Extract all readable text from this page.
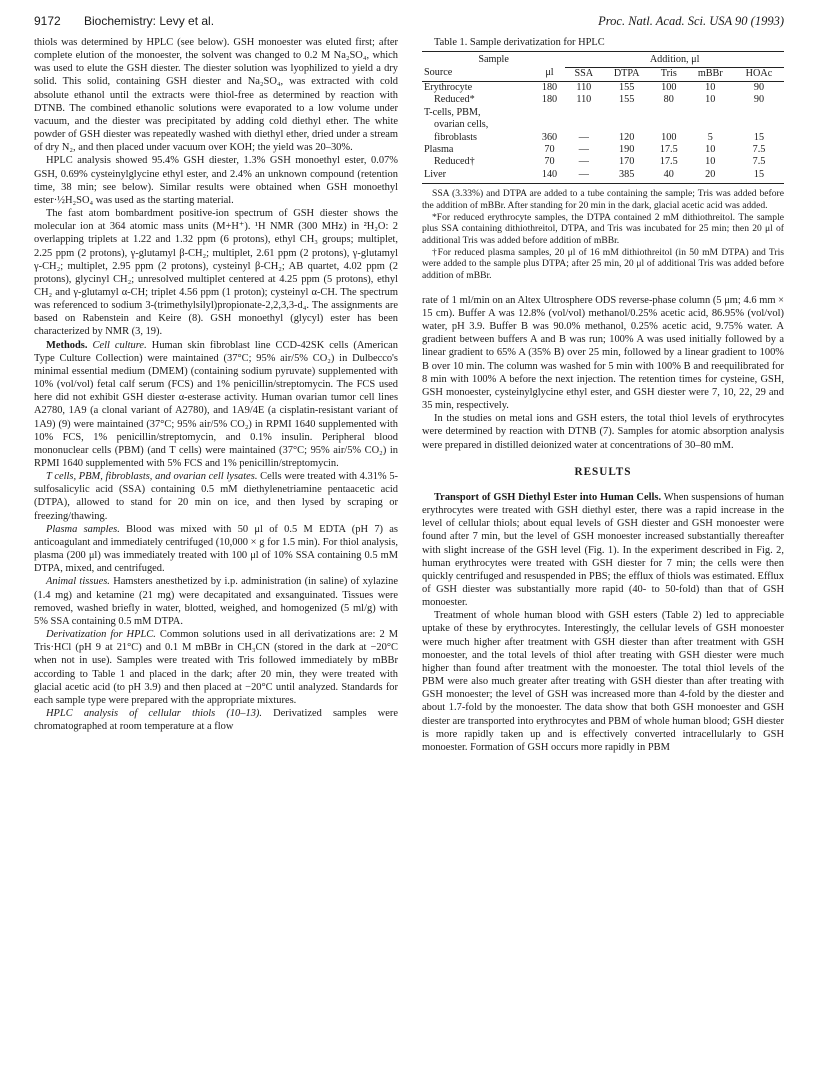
9172 Biochemistry: Levy et al.	Proc. Natl. Acad. Sci. USA 90 (1993)

thiols was determined by HPLC (see below). GSH monoester was eluted first; after complete elution of the monoester, the solvent was changed to 0.2 M Na₂SO₄, which was used to elute the GSH diester. The diester solution was lyophilized to yield a dry solid. This solid, containing GSH diester and Na₂SO₄, was extracted with cold absolute ethanol until the extracts were thiol-free as determined by reaction with DTNB. The combined ethanolic solutions were evaporated to a low volume under vacuum, and the diester was precipitated by adding cold diethyl ether. The white powder of GSH diester was repeatedly washed with diethyl ether, dried under a stream of dry N₂, and then placed under vacuum over KOH; the yield was 20–30%.

HPLC analysis showed 95.4% GSH diester, 1.3% GSH monoethyl ester, 0.07% GSH, 0.69% cysteinylglycine ethyl ester, and 2.4% an unknown compound (retention time, 38 min; see below). Similar results were obtained when GSH monoethyl ester·½H₂SO₄ was used as the starting material.

The fast atom bombardment positive-ion spectrum of GSH diester shows the molecular ion at 364 atomic mass units (M+H⁺). ¹H NMR (300 MHz) in ²H₂O: 2 overlapping triplets at 1.22 and 1.32 ppm (6 protons), ethyl CH₃ groups; multiplet, 2.25 ppm (2 protons), γ-glutamyl β-CH₂; multiplet, 2.61 ppm (2 protons), γ-glutamyl γ-CH₂; multiplet, 2.95 ppm (2 protons), cysteinyl β-CH₂; AB quartet, 4.02 ppm (2 protons), glycinyl CH₂; unresolved multiplet centered at 4.25 ppm (5 protons), ethyl CH₂ and γ-glutamyl α-CH; triplet 4.56 ppm (1 proton); cysteinyl α-CH. The spectrum was referenced to sodium 3-(trimethylsilyl)propionate-2,2,3,3-d₄. The assignments are based on Rabenstein and Keire (8). GSH monoethyl (glycyl) ester has been characterized by NMR (3, 19).

Methods. Cell culture. Human skin fibroblast line CCD-42SK cells (American Type Culture Collection) were maintained (37°C; 95% air/5% CO₂) in Dulbecco's minimal essential medium (DMEM) (containing sodium pyruvate) supplemented with 10% (vol/vol) fetal calf serum (FCS) and 1% penicillin/streptomycin. The FCS used here did not exhibit GSH diester α-esterase activity. Human ovarian tumor cell lines A2780, 1A9 (a clonal variant of A2780), and 1A9/4E (a cisplatin-resistant variant of 1A9) (9) were maintained (37°C; 95% air/5% CO₂) in RPMI 1640 supplemented with 10% FCS, 1% penicillin/streptomycin, and 0.1% insulin. Peripheral blood mononuclear cells (PBM) (and T cells) were maintained (37°C; 95% air/5% CO₂) in RPMI 1640 supplemented with 5% FCS and 1% penicillin/streptomycin.

T cells, PBM, fibroblasts, and ovarian cell lysates. Cells were treated with 4.31% 5-sulfosalicylic acid (SSA) containing 0.5 mM diethylenetriamine pentaacetic acid (DTPA), allowed to stand for 20 min on ice, and then lysed by scraping or freezing/thawing.

Plasma samples. Blood was mixed with 50 μl of 0.5 M EDTA (pH 7) as anticoagulant and immediately centrifuged (10,000 × g for 1.5 min). For thiol analysis, plasma (200 μl) was immediately treated with 100 μl of 10% SSA containing 0.5 mM DTPA, mixed, and centrifuged.

Animal tissues. Hamsters anesthetized by i.p. administration (in saline) of xylazine (1.4 mg) and ketamine (21 mg) were decapitated and exsanguinated. Tissues were removed, washed briefly in water, blotted, weighed, and homogenized (5 ml/g) with 5% SSA containing 0.5 mM DTPA.

Derivatization for HPLC. Common solutions used in all derivatizations are: 2 M Tris·HCl (pH 9 at 21°C) and 0.1 M mBBr in CH₃CN (stored in the dark at −20°C when not in use). Samples were treated with Tris followed immediately by mBBr according to Table 1 and placed in the dark; after 20 min, they were treated with glacial acetic acid (to pH 3.9) and then placed at −20°C until analyzed. Standards for each sample type were prepared with the appropriate mixtures.

HPLC analysis of cellular thiols (10–13). Derivatized samples were chromatographed at room temperature at a flow

Table 1. Sample derivatization for HPLC

Sample		Addition, μl				
Source	μl	SSA	DTPA	Tris	mBBr	HOAc
Erythrocyte	180	110	155	100	10	90
Reduced*	180	110	155	80	10	90
T-cells, PBM,						
ovarian cells,						
fibroblasts	360	—	120	100	5	15
Plasma	70	—	190	17.5	10	7.5
Reduced†	70	—	170	17.5	10	7.5
Liver	140	—	385	40	20	15

SSA (3.33%) and DTPA are added to a tube containing the sample; Tris was added before the addition of mBBr. After standing for 20 min in the dark, glacial acetic acid was added.

*For reduced erythrocyte samples, the DTPA contained 2 mM dithiothreitol. The sample plus SSA containing dithiothreitol, DTPA, and Tris was incubated for 25 min; then 20 μl of additional Tris was added before addition of mBBr.

†For reduced plasma samples, 20 μl of 16 mM dithiothreitol (in 50 mM DTPA) and Tris were added to the sample plus DTPA; after 25 min, 20 μl of additional Tris was added before addition of mBBr.

rate of 1 ml/min on an Altex Ultrosphere ODS reverse-phase column (5 μm; 4.6 mm × 15 cm). Buffer A was 12.8% (vol/vol) methanol/0.25% acetic acid, 86.95% (vol/vol) water, pH 3.9. Buffer B was 90.0% methanol, 0.25% acetic acid, 9.75% water. A gradient between buffers A and B was run; 100% A was used initially followed by a linear gradient to 65% A (35% B) over 25 min, followed by a linear gradient to 100% B over 10 min. The column was washed for 5 min with 100% B and reequilibrated for 8 min with 100% A before the next injection. The retention times for cysteine, GSH, GSH monoester, cysteinylglycine ethyl ester, and GSH diester were 7, 10, 22, 29 and 35 min, respectively.

In the studies on metal ions and GSH esters, the total thiol levels of erythrocytes were determined by reaction with DTNB (7). Samples for atomic absorption analysis were prepared in distilled deionized water at concentrations of 30–80 mM.

RESULTS

Transport of GSH Diethyl Ester into Human Cells. When suspensions of human erythrocytes were treated with GSH diethyl ester, there was a rapid increase in the level of cellular thiols; about equal levels of GSH diester and GSH monoester were found after 7 min, but the level of GSH monoester increased substantially thereafter with slight increase of the GSH level (Fig. 1). In the experiment described in Fig. 2, human erythrocytes were treated with GSH diester for 7 min; the cells were then quickly centrifuged and resuspended in PBS; the efflux of thiols was estimated. Efflux of GSH diester was substantially more rapid (40- to 50-fold) than that of GSH monoester.

Treatment of whole human blood with GSH esters (Table 2) led to appreciable uptake of these by erythrocytes. Interestingly, the cellular levels of GSH monoester were much higher after treatment with GSH diester than after treatment with GSH monoester, and the total levels of thiol after treating with GSH diester were much higher than found after treatment with the monoester. The total thiol levels of the PBM were also much greater after treating with GSH diester than after treating with GSH monoester; the level of GSH was increased more than 4-fold by the diester and about 1.7-fold by the monoester. The data show that both GSH monoester and GSH diester are transported into erythrocytes and PBM of whole human blood; GSH diester is more rapidly taken up and is effectively converted intracellularly to GSH monoester. Formation of GSH occurs more rapidly in PBM
